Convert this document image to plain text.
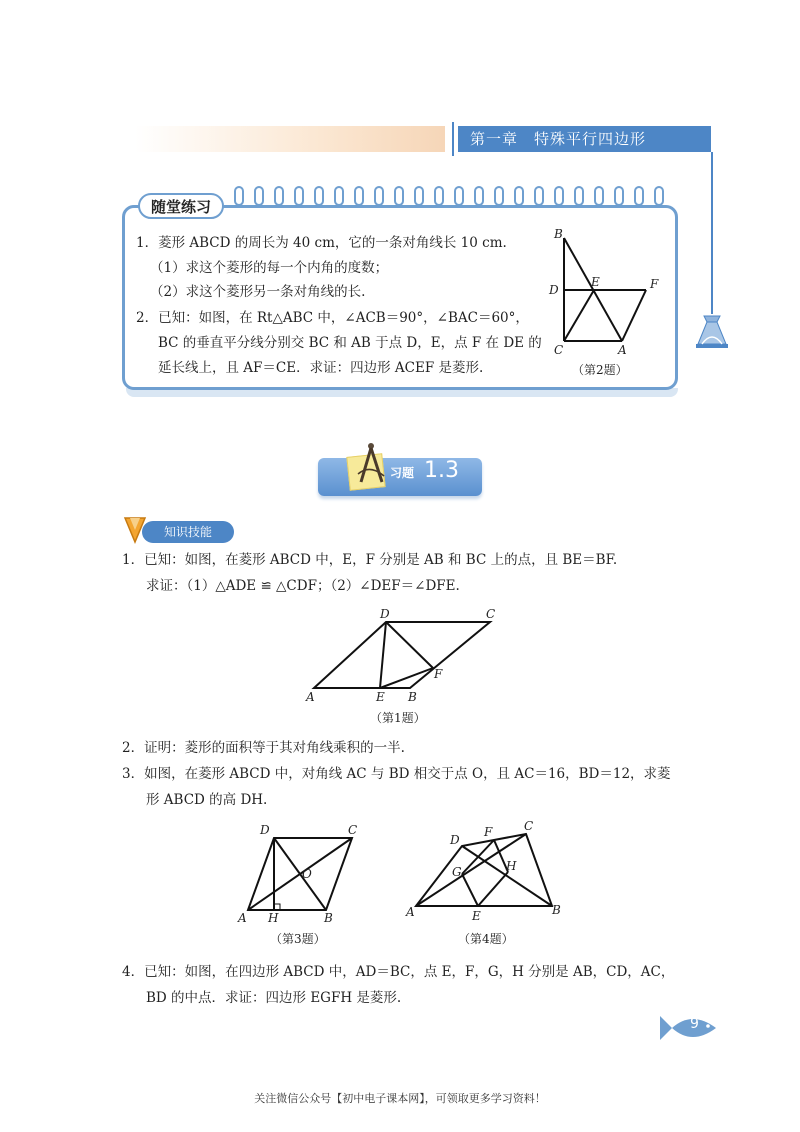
第一章　特殊平行四边形
随堂练习
1．菱形 ABCD 的周长为 40 cm，它的一条对角线长 10 cm.
（1）求这个菱形的每一个内角的度数；
（2）求这个菱形另一条对角线的长.
2．已知：如图，在 Rt△ABC 中，∠ACB＝90°，∠BAC＝60°，
BC 的垂直平分线分别交 BC 和 AB 于点 D，E，点 F 在 DE 的
延长线上，且 AF＝CE．求证：四边形 ACEF 是菱形.
B
D
E	F
C	A
（第2题）
习题 1.3
知识技能
1．已知：如图，在菱形 ABCD 中，E，F 分别是 AB 和 BC 上的点，且 BE＝BF.
求证：（1）△ADE ≌ △CDF；（2）∠DEF＝∠DFE.
D	C
A	E B
F
（第1题）
2．证明：菱形的面积等于其对角线乘积的一半.
3．如图，在菱形 ABCD 中，对角线 AC 与 BD 相交于点 O，且 AC＝16，BD＝12，求菱
形 ABCD 的高 DH.
D	C
O
A H	B
（第3题）
D
F	C
G	H
A	E	B
（第4题）
4．已知：如图，在四边形 ABCD 中，AD＝BC，点 E，F，G，H 分别是 AB，CD，AC，
BD 的中点．求证：四边形 EGFH 是菱形.
9
关注微信公众号【初中电子课本网】，可领取更多学习资料！
